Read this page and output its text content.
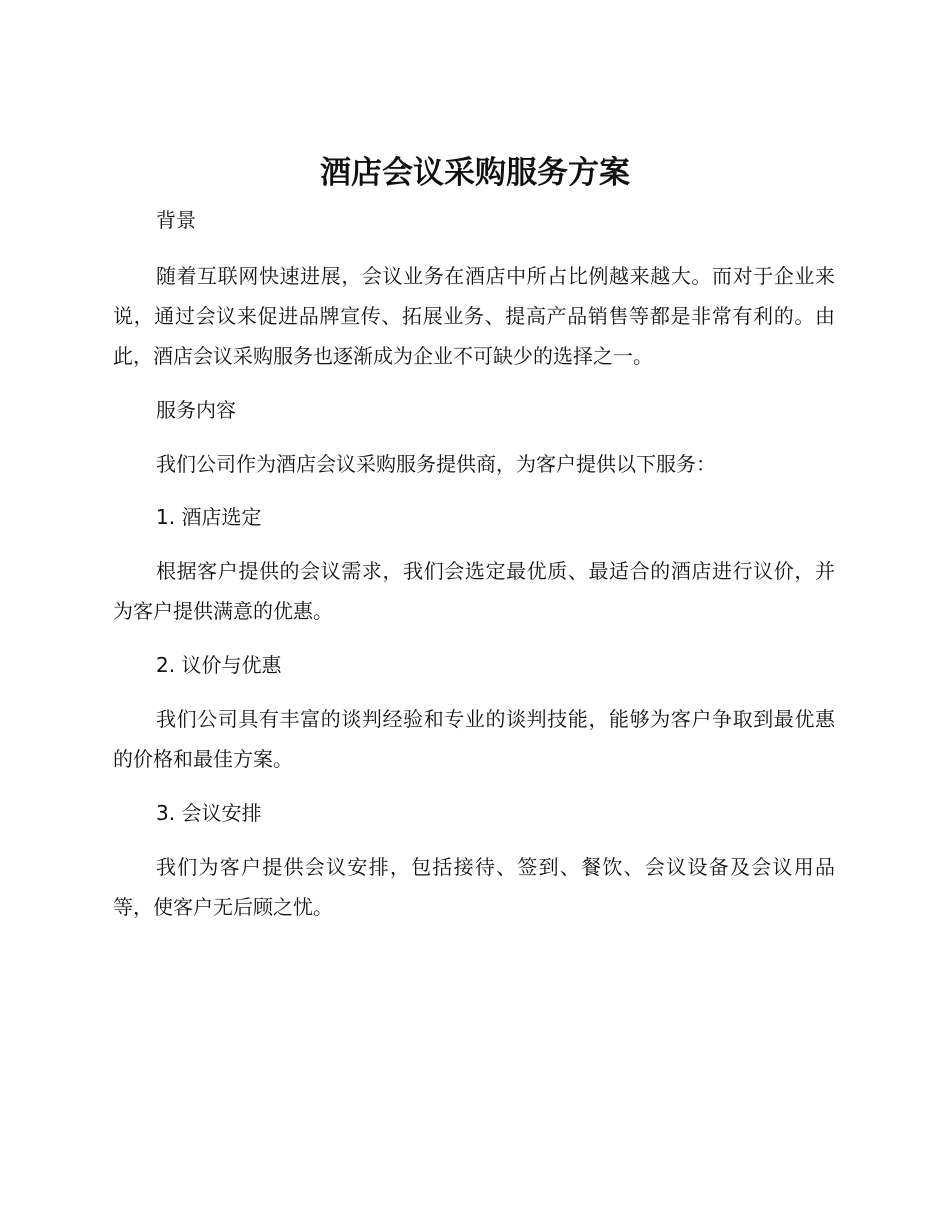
酒店会议采购服务方案
背景

随着互联网快速进展，会议业务在酒店中所占比例越来越大。而对于企业来说，通过会议来促进品牌宣传、拓展业务、提高产品销售等都是非常有利的。由此，酒店会议采购服务也逐渐成为企业不可缺少的选择之一。

服务内容

我们公司作为酒店会议采购服务提供商，为客户提供以下服务：

1. 酒店选定

根据客户提供的会议需求，我们会选定最优质、最适合的酒店进行议价，并为客户提供满意的优惠。

2. 议价与优惠

我们公司具有丰富的谈判经验和专业的谈判技能，能够为客户争取到最优惠的价格和最佳方案。

3. 会议安排

我们为客户提供会议安排，包括接待、签到、餐饮、会议设备及会议用品等，使客户无后顾之忧。
